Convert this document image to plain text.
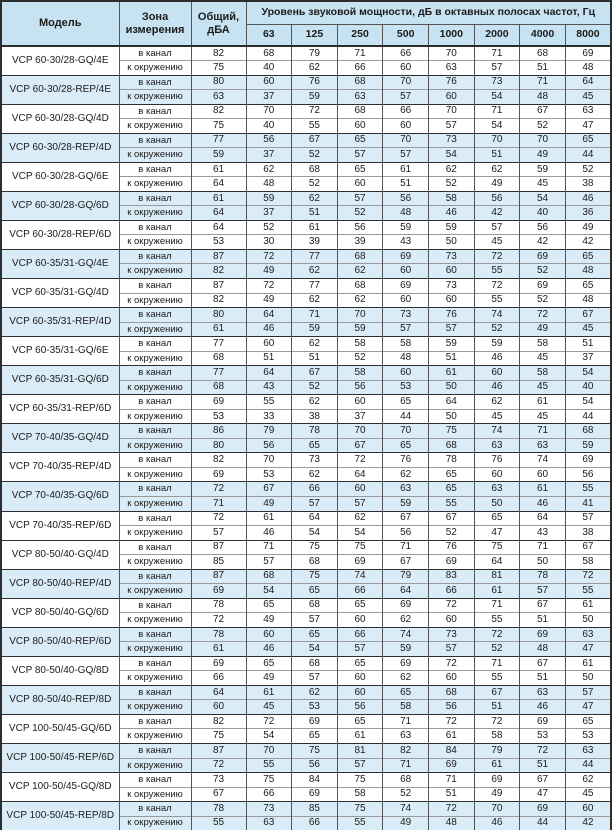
Модель	Зона измерения	Общий, дБА	Уровень звуковой мощности, дБ в октавных полосах частот, Гц							
			63	125	250	500	1000	2000	4000	8000
VCP 60-30/28-GQ/4E	в канал	82	68	79	71	66	70	71	68	69
	к окружению	75	40	62	66	60	63	57	51	48
VCP 60-30/28-REP/4E	в канал	80	60	76	68	70	76	73	71	64
	к окружению	63	37	59	63	57	60	54	48	45
VCP 60-30/28-GQ/4D	в канал	82	70	72	68	66	70	71	67	63
	к окружению	75	40	55	60	60	57	54	52	47
VCP 60-30/28-REP/4D	в канал	77	56	67	65	70	73	70	70	65
	к окружению	59	37	52	57	57	54	51	49	44
VCP 60-30/28-GQ/6E	в канал	61	62	68	65	61	62	62	59	52
	к окружению	64	48	52	60	51	52	49	45	38
VCP 60-30/28-GQ/6D	в канал	61	59	62	57	56	58	56	54	46
	к окружению	64	37	51	52	48	46	42	40	36
VCP 60-30/28-REP/6D	в канал	64	52	61	56	59	59	57	56	49
	к окружению	53	30	39	39	43	50	45	42	42
VCP 60-35/31-GQ/4E	в канал	87	72	77	68	69	73	72	69	65
	к окружению	82	49	62	62	60	60	55	52	48
VCP 60-35/31-GQ/4D	в канал	87	72	77	68	69	73	72	69	65
	к окружению	82	49	62	62	60	60	55	52	48
VCP 60-35/31-REP/4D	в канал	80	64	71	70	73	76	74	72	67
	к окружению	61	46	59	59	57	57	52	49	45
VCP 60-35/31-GQ/6E	в канал	77	60	62	58	58	59	59	58	51
	к окружению	68	51	51	52	48	51	46	45	37
VCP 60-35/31-GQ/6D	в канал	77	64	67	58	60	61	60	58	54
	к окружению	68	43	52	56	53	50	46	45	40
VCP 60-35/31-REP/6D	в канал	69	55	62	60	65	64	62	61	54
	к окружению	53	33	38	37	44	50	45	45	44
VCP 70-40/35-GQ/4D	в канал	86	79	78	70	70	75	74	71	68
	к окружению	80	56	65	67	65	68	63	63	59
VCP 70-40/35-REP/4D	в канал	82	70	73	72	76	78	76	74	69
	к окружению	69	53	62	64	62	65	60	60	56
VCP 70-40/35-GQ/6D	в канал	72	67	66	60	63	65	63	61	55
	к окружению	71	49	57	57	59	55	50	46	41
VCP 70-40/35-REP/6D	в канал	72	61	64	62	67	67	65	64	57
	к окружению	57	46	54	54	56	52	47	43	38
VCP 80-50/40-GQ/4D	в канал	87	71	75	75	71	76	75	71	67
	к окружению	85	57	68	69	67	69	64	50	58
VCP 80-50/40-REP/4D	в канал	87	68	75	74	79	83	81	78	72
	к окружению	69	54	65	66	64	66	61	57	55
VCP 80-50/40-GQ/6D	в канал	78	65	68	65	69	72	71	67	61
	к окружению	72	49	57	60	62	60	55	51	50
VCP 80-50/40-REP/6D	в канал	78	60	65	66	74	73	72	69	63
	к окружению	61	46	54	57	59	57	52	48	47
VCP 80-50/40-GQ/8D	в канал	69	65	68	65	69	72	71	67	61
	к окружению	66	49	57	60	62	60	55	51	50
VCP 80-50/40-REP/8D	в канал	64	61	62	60	65	68	67	63	57
	к окружению	60	45	53	56	58	56	51	46	47
VCP 100-50/45-GQ/6D	в канал	82	72	69	65	71	72	72	69	65
	к окружению	75	54	65	61	63	61	58	53	53
VCP 100-50/45-REP/6D	в канал	87	70	75	81	82	84	79	72	63
	к окружению	72	55	56	57	71	69	61	51	44
VCP 100-50/45-GQ/8D	в канал	73	75	84	75	68	71	69	67	62
	к окружению	67	66	69	58	52	51	49	47	45
VCP 100-50/45-REP/8D	в канал	78	73	85	75	74	72	70	69	60
	к окружению	55	63	66	55	49	48	46	44	42
